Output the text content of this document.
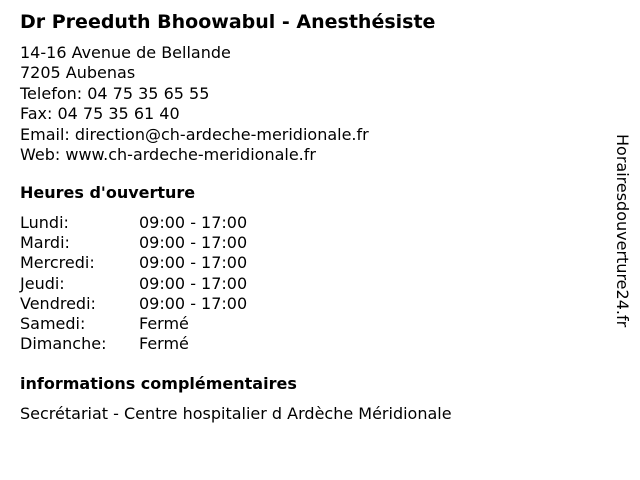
Dr Preeduth Bhoowabul - Anesthésiste
14-16 Avenue de Bellande
7205 Aubenas
Telefon: 04 75 35 65 55
Fax: 04 75 35 61 40
Email: direction@ch-ardeche-meridionale.fr
Web: www.ch-ardeche-meridionale.fr
Heures d'ouverture
Lundi:	09:00 - 17:00
Mardi:	09:00 - 17:00
Mercredi:	09:00 - 17:00
Jeudi:	09:00 - 17:00
Vendredi:	09:00 - 17:00
Samedi:	Fermé
Dimanche: Fermé
informations complémentaires
Secrétariat - Centre hospitalier d Ardèche Méridionale
Horairesdouverture24.fr
